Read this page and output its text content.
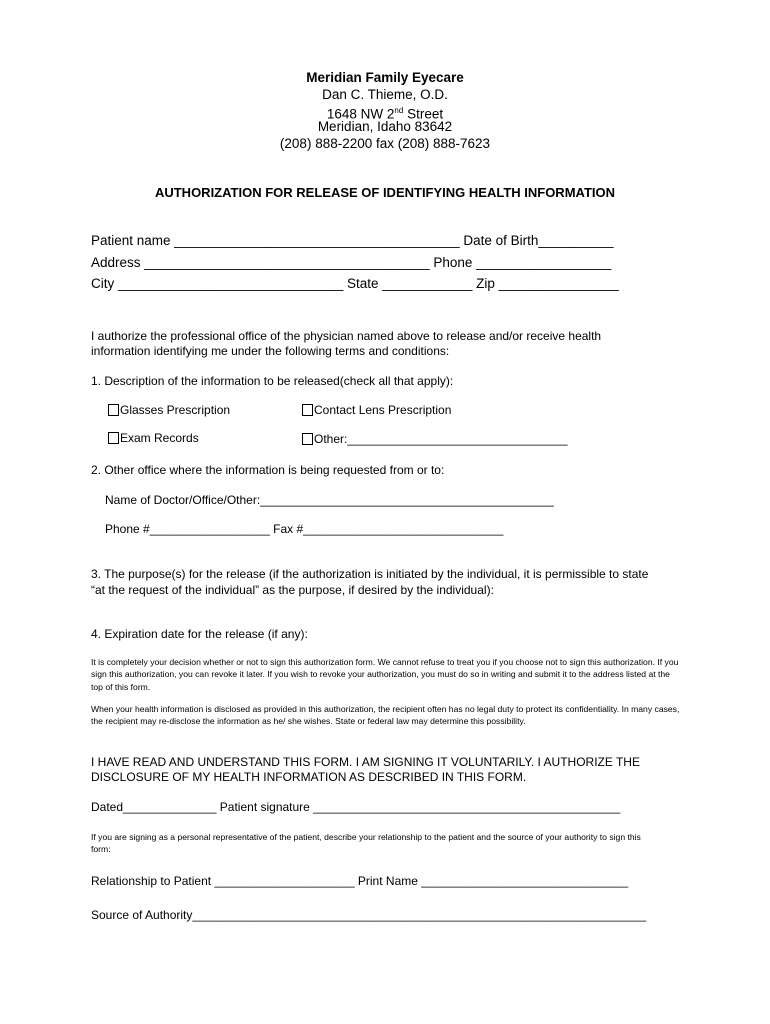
Meridian Family Eyecare
Dan C. Thieme, O.D.
1648 NW 2nd Street
Meridian, Idaho 83642
(208) 888-2200 fax (208) 888-7623
AUTHORIZATION FOR RELEASE OF IDENTIFYING HEALTH INFORMATION
Patient name ______________________________________ Date of Birth__________
Address ______________________________________ Phone __________________
City ______________________________ State ____________ Zip ________________
I authorize the professional office of the physician named above to release and/or receive health
information identifying me under the following terms and conditions:
1. Description of the information to be released(check all that apply):
Glasses Prescription	Contact Lens Prescription
Exam Records	Other:_________________________________
2. Other office where the information is being requested from or to:
Name of Doctor/Office/Other:____________________________________________
Phone #__________________ Fax #______________________________
3. The purpose(s) for the release (if the authorization is initiated by the individual, it is permissible to state
“at the request of the individual” as the purpose, if desired by the individual):
4. Expiration date for the release (if any):
It is completely your decision whether or not to sign this authorization form. We cannot refuse to treat you if you choose not to sign this authorization. If you sign this authorization, you can revoke it later. If you wish to revoke your authorization, you must do so in writing and submit it to the address listed at the top of this form.
When your health information is disclosed as provided in this authorization, the recipient often has no legal duty to protect its confidentiality. In many cases, the recipient may re-disclose the information as he/ she wishes. State or federal law may determine this possibility.
I HAVE READ AND UNDERSTAND THIS FORM. I AM SIGNING IT VOLUNTARILY. I AUTHORIZE THE
DISCLOSURE OF MY HEALTH INFORMATION AS DESCRIBED IN THIS FORM.
Dated______________ Patient signature ______________________________________________
If you are signing as a personal representative of the patient, describe your relationship to the patient and the source of your authority to sign this form:
Relationship to Patient _____________________ Print Name _______________________________
Source of Authority____________________________________________________________________
